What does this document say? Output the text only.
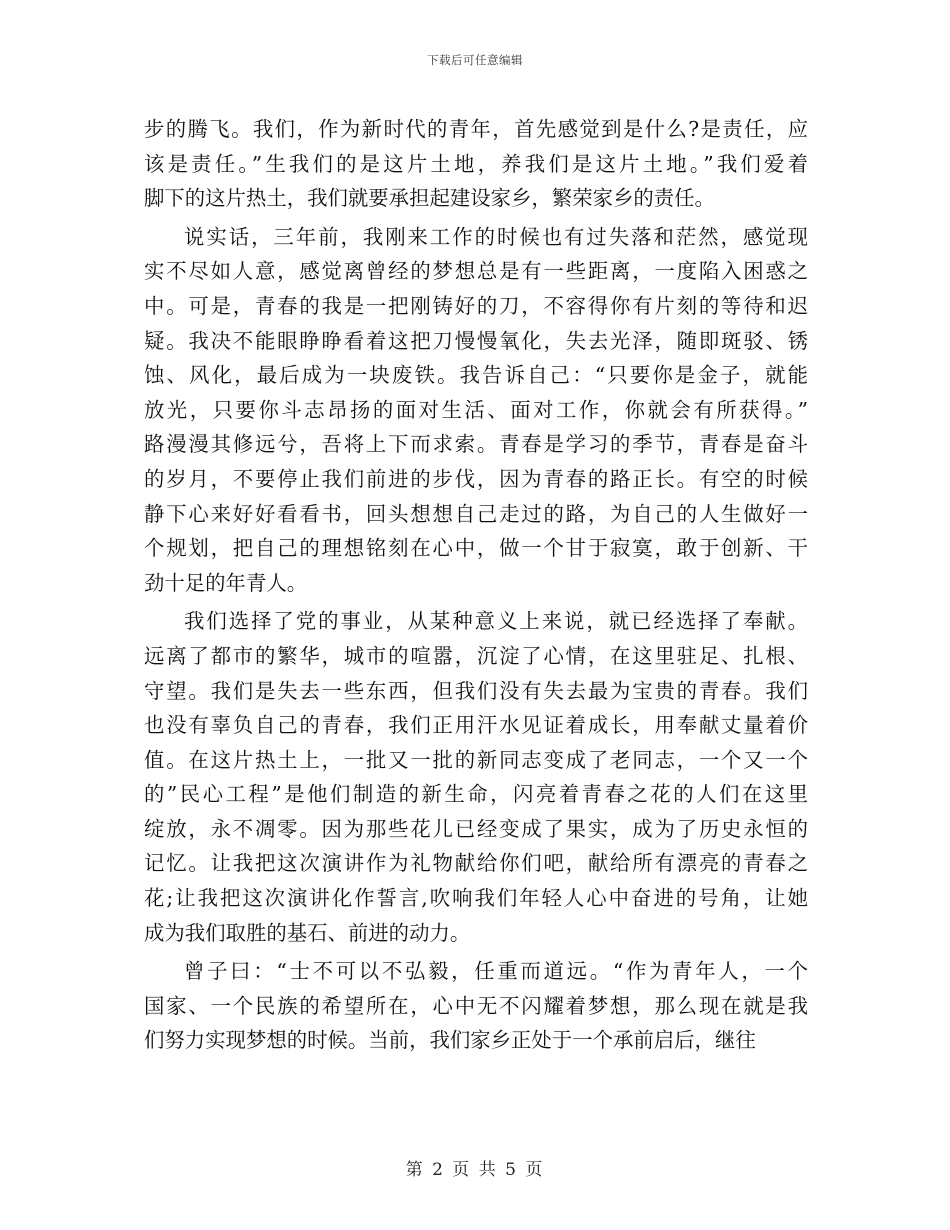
下载后可任意编辑
步的腾飞。我们，作为新时代的青年，首先感觉到是什么?是责任，应
该是责任。”生我们的是这片土地，养我们是这片土地。”我们爱着
脚下的这片热土，我们就要承担起建设家乡，繁荣家乡的责任。
说实话，三年前，我刚来工作的时候也有过失落和茫然，感觉现
实不尽如人意，感觉离曾经的梦想总是有一些距离，一度陷入困惑之
中。可是，青春的我是一把刚铸好的刀，不容得你有片刻的等待和迟
疑。我决不能眼睁睁看着这把刀慢慢氧化，失去光泽，随即斑驳、锈
蚀、风化，最后成为一块废铁。我告诉自己：“只要你是金子，就能
放光，只要你斗志昂扬的面对生活、面对工作，你就会有所获得。”
路漫漫其修远兮，吾将上下而求索。青春是学习的季节，青春是奋斗
的岁月，不要停止我们前进的步伐，因为青春的路正长。有空的时候
静下心来好好看看书，回头想想自己走过的路，为自己的人生做好一
个规划，把自己的理想铭刻在心中，做一个甘于寂寞，敢于创新、干
劲十足的年青人。
我们选择了党的事业，从某种意义上来说，就已经选择了奉献。
远离了都市的繁华，城市的喧嚣，沉淀了心情，在这里驻足、扎根、
守望。我们是失去一些东西，但我们没有失去最为宝贵的青春。我们
也没有辜负自己的青春，我们正用汗水见证着成长，用奉献丈量着价
值。在这片热土上，一批又一批的新同志变成了老同志，一个又一个
的”民心工程”是他们制造的新生命，闪亮着青春之花的人们在这里
绽放，永不凋零。因为那些花儿已经变成了果实，成为了历史永恒的
记忆。让我把这次演讲作为礼物献给你们吧，献给所有漂亮的青春之
花;让我把这次演讲化作誓言,吹响我们年轻人心中奋进的号角，让她
成为我们取胜的基石、前进的动力。
曾子曰：“士不可以不弘毅，任重而道远。“作为青年人，一个
国家、一个民族的希望所在，心中无不闪耀着梦想，那么现在就是我
们努力实现梦想的时候。当前，我们家乡正处于一个承前启后，继往
第 2 页 共 5 页
